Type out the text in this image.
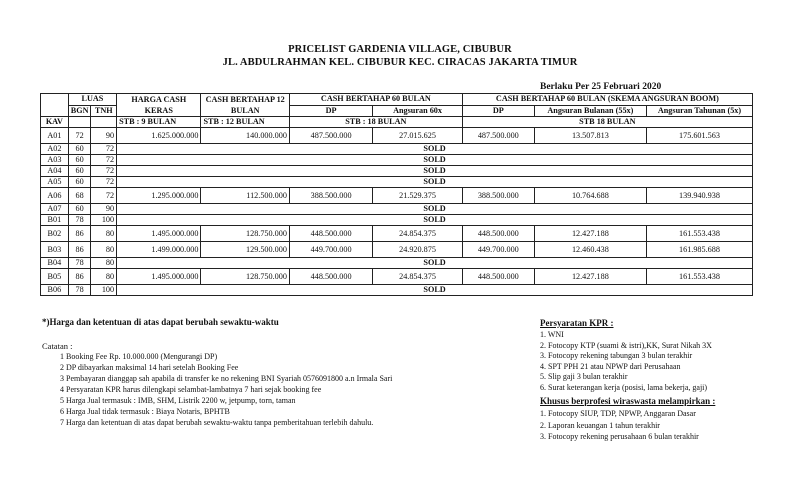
PRICELIST GARDENIA VILLAGE, CIBUBUR
JL. ABDULRAHMAN KEL. CIBUBUR KEC. CIRACAS JAKARTA TIMUR
Berlaku Per 25 Februari 2020
	LUAS		HARGA CASH KERAS	CASH BERTAHAP 12 BULAN	CASH BERTAHAP 60 BULAN		CASH BERTAHAP 60 BULAN (SKEMA ANGSURAN BOOM)		
	BGN	TNH			DP	Angsuran 60x	DP	Angsuran Bulanan (55x)	Angsuran Tahunan (5x)
KAV			STB : 9 BULAN	STB : 12 BULAN	STB : 18 BULAN		STB 18 BULAN		
A01	72	90	1.625.000.000	140.000.000	487.500.000	27.015.625	487.500.000	13.507.813	175.601.563
A02	60	72	SOLD						
A03	60	72	SOLD						
A04	60	72	SOLD						
A05	60	72	SOLD						
A06	68	72	1.295.000.000	112.500.000	388.500.000	21.529.375	388.500.000	10.764.688	139.940.938
A07	60	90	SOLD						
B01	78	100	SOLD						
B02	86	80	1.495.000.000	128.750.000	448.500.000	24.854.375	448.500.000	12.427.188	161.553.438
B03	86	80	1.499.000.000	129.500.000	449.700.000	24.920.875	449.700.000	12.460.438	161.985.688
B04	78	80	SOLD						
B05	86	80	1.495.000.000	128.750.000	448.500.000	24.854.375	448.500.000	12.427.188	161.553.438
B06	78	100	SOLD						
*)Harga dan ketentuan di atas dapat berubah sewaktu-waktu
Catatan :
1 Booking Fee Rp. 10.000.000 (Mengurangi DP)
2 DP dibayarkan maksimal 14 hari setelah Booking Fee
3 Pembayaran dianggap sah apabila di transfer ke no rekening BNI Syariah 0576091800 a.n Irmala Sari
4 Persyaratan KPR harus dilengkapi selambat-lambatnya 7 hari sejak booking fee
5 Harga Jual termasuk : IMB, SHM, Listrik 2200 w, jetpump, torn, taman
6 Harga Jual tidak termasuk : Biaya Notaris, BPHTB
7 Harga dan ketentuan di atas dapat berubah sewaktu-waktu tanpa pemberitahuan terlebih dahulu.
Persyaratan KPR :
1. WNI
2. Fotocopy KTP (suami & istri),KK, Surat Nikah 3X
3. Fotocopy rekening tabungan 3 bulan terakhir
4. SPT PPH 21 atau NPWP dari Perusahaan
5. Slip gaji 3 bulan terakhir
6. Surat keterangan kerja (posisi, lama bekerja, gaji)
Khusus berprofesi wiraswasta melampirkan :
1. Fotocopy SIUP, TDP, NPWP, Anggaran Dasar
2. Laporan keuangan 1 tahun terakhir
3. Fotocopy rekening perusahaan 6 bulan terakhir
